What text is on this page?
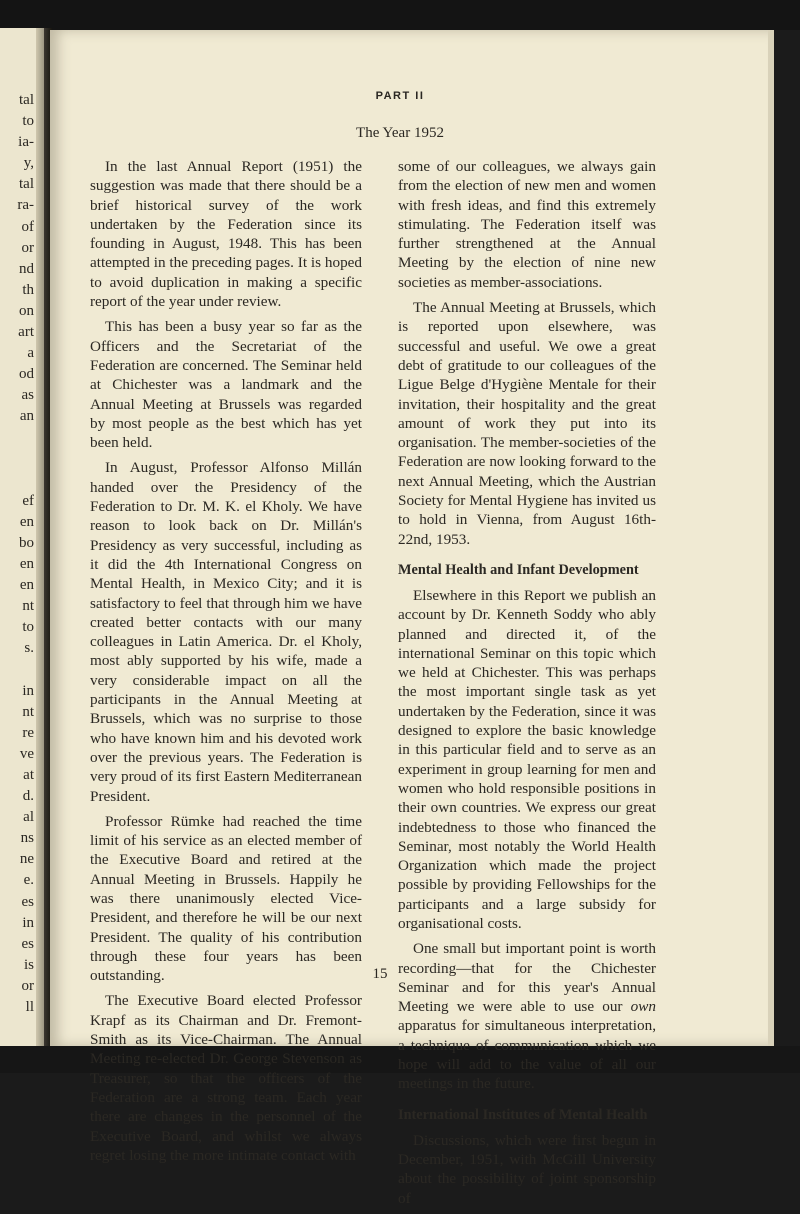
tal
to
ia-
y,
tal
ra-
of
or
nd
th
on
art
a
od
as
an

ef
en
bo
en
en
nt
to
s.

in
nt
re
ve
at
d.
al
ns
ne
e.
es
in
es
is
or
ll
PART II
The Year 1952

In the last Annual Report (1951) the suggestion was made that there should be a brief historical survey of the work undertaken by the Federation since its founding in August, 1948. This has been attempted in the preceding pages. It is hoped to avoid duplication in making a specific report of the year under review.

This has been a busy year so far as the Officers and the Secretariat of the Federation are concerned. The Seminar held at Chichester was a landmark and the Annual Meeting at Brussels was regarded by most people as the best which has yet been held.

In August, Professor Alfonso Millán handed over the Presidency of the Federation to Dr. M. K. el Kholy. We have reason to look back on Dr. Millán's Presidency as very successful, including as it did the 4th International Congress on Mental Health, in Mexico City; and it is satisfactory to feel that through him we have created better contacts with our many colleagues in Latin America. Dr. el Kholy, most ably supported by his wife, made a very considerable impact on all the participants in the Annual Meeting at Brussels, which was no surprise to those who have known him and his devoted work over the previous years. The Federation is very proud of its first Eastern Mediterranean President.

Professor Rümke had reached the time limit of his service as an elected member of the Executive Board and retired at the Annual Meeting in Brussels. Happily he was there unanimously elected Vice-President, and therefore he will be our next President. The quality of his contribution through these four years has been outstanding.

The Executive Board elected Professor Krapf as its Chairman and Dr. Fremont-Smith as its Vice-Chairman. The Annual Meeting re-elected Dr. George Stevenson as Treasurer, so that the officers of the Federation are a strong team. Each year there are changes in the personnel of the Executive Board, and whilst we always regret losing the more intimate contact with

some of our colleagues, we always gain from the election of new men and women with fresh ideas, and find this extremely stimulating. The Federation itself was further strengthened at the Annual Meeting by the election of nine new societies as member-associations.

The Annual Meeting at Brussels, which is reported upon elsewhere, was successful and useful. We owe a great debt of gratitude to our colleagues of the Ligue Belge d'Hygiène Mentale for their invitation, their hospitality and the great amount of work they put into its organisation. The member-societies of the Federation are now looking forward to the next Annual Meeting, which the Austrian Society for Mental Hygiene has invited us to hold in Vienna, from August 16th-22nd, 1953.

Mental Health and Infant Development

Elsewhere in this Report we publish an account by Dr. Kenneth Soddy who ably planned and directed it, of the international Seminar on this topic which we held at Chichester. This was perhaps the most important single task as yet undertaken by the Federation, since it was designed to explore the basic knowledge in this particular field and to serve as an experiment in group learning for men and women who hold responsible positions in their own countries. We express our great indebtedness to those who financed the Seminar, most notably the World Health Organization which made the project possible by providing Fellowships for the participants and a large subsidy for organisational costs.

One small but important point is worth recording—that for the Chichester Seminar and for this year's Annual Meeting we were able to use our own apparatus for simultaneous interpretation, a technique of communication which we hope will add to the value of all our meetings in the future.

International Institutes of Mental Health

Discussions, which were first begun in December, 1951, with McGill University about the possibility of joint sponsorship of

15
